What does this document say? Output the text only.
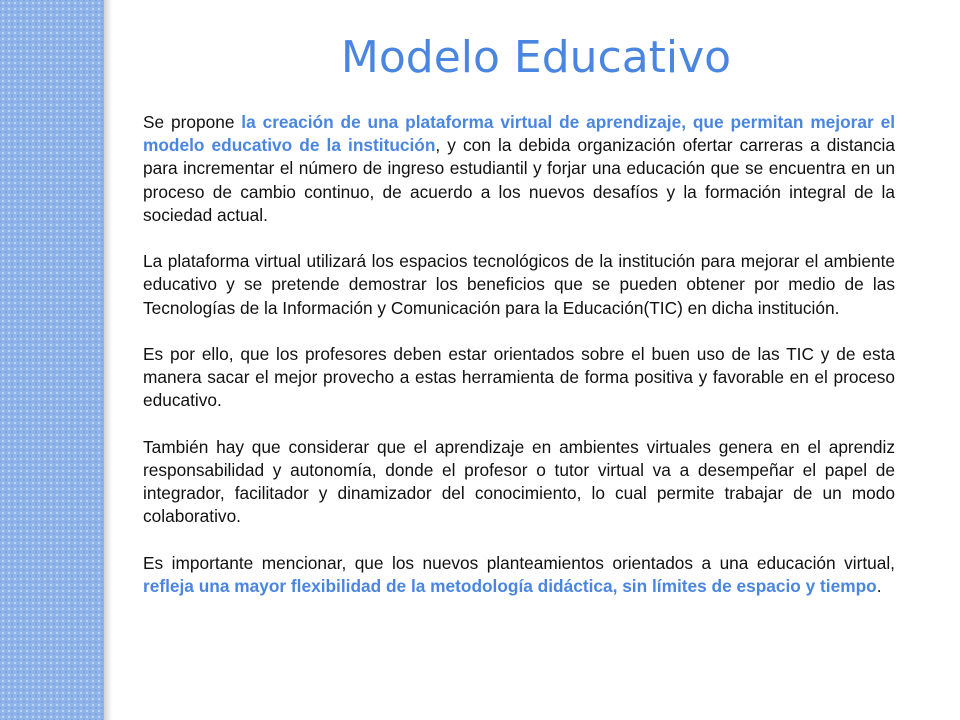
Modelo Educativo

Se propone la creación de una plataforma virtual de aprendizaje, que permitan mejorar el modelo educativo de la institución, y con la debida organización ofertar carreras a distancia para incrementar el número de ingreso estudiantil y forjar una educación que se encuentra en un proceso de cambio continuo, de acuerdo a los nuevos desafíos y la formación integral de la sociedad actual.

La plataforma virtual utilizará los espacios tecnológicos de la institución para mejorar el ambiente educativo y se pretende demostrar los beneficios que se pueden obtener por medio de las Tecnologías de la Información y Comunicación para la Educación(TIC) en dicha institución.

Es por ello, que los profesores deben estar orientados sobre el buen uso de las TIC y de esta manera sacar el mejor provecho a estas herramienta de forma positiva y favorable en el proceso educativo.

También hay que considerar que el aprendizaje en ambientes virtuales genera en el aprendiz responsabilidad y autonomía, donde el profesor o tutor virtual va a desempeñar el papel de integrador, facilitador y dinamizador del conocimiento, lo cual permite trabajar de un modo colaborativo.

Es importante mencionar, que los nuevos planteamientos orientados a una educación virtual, refleja una mayor flexibilidad de la metodología didáctica, sin límites de espacio y tiempo.
